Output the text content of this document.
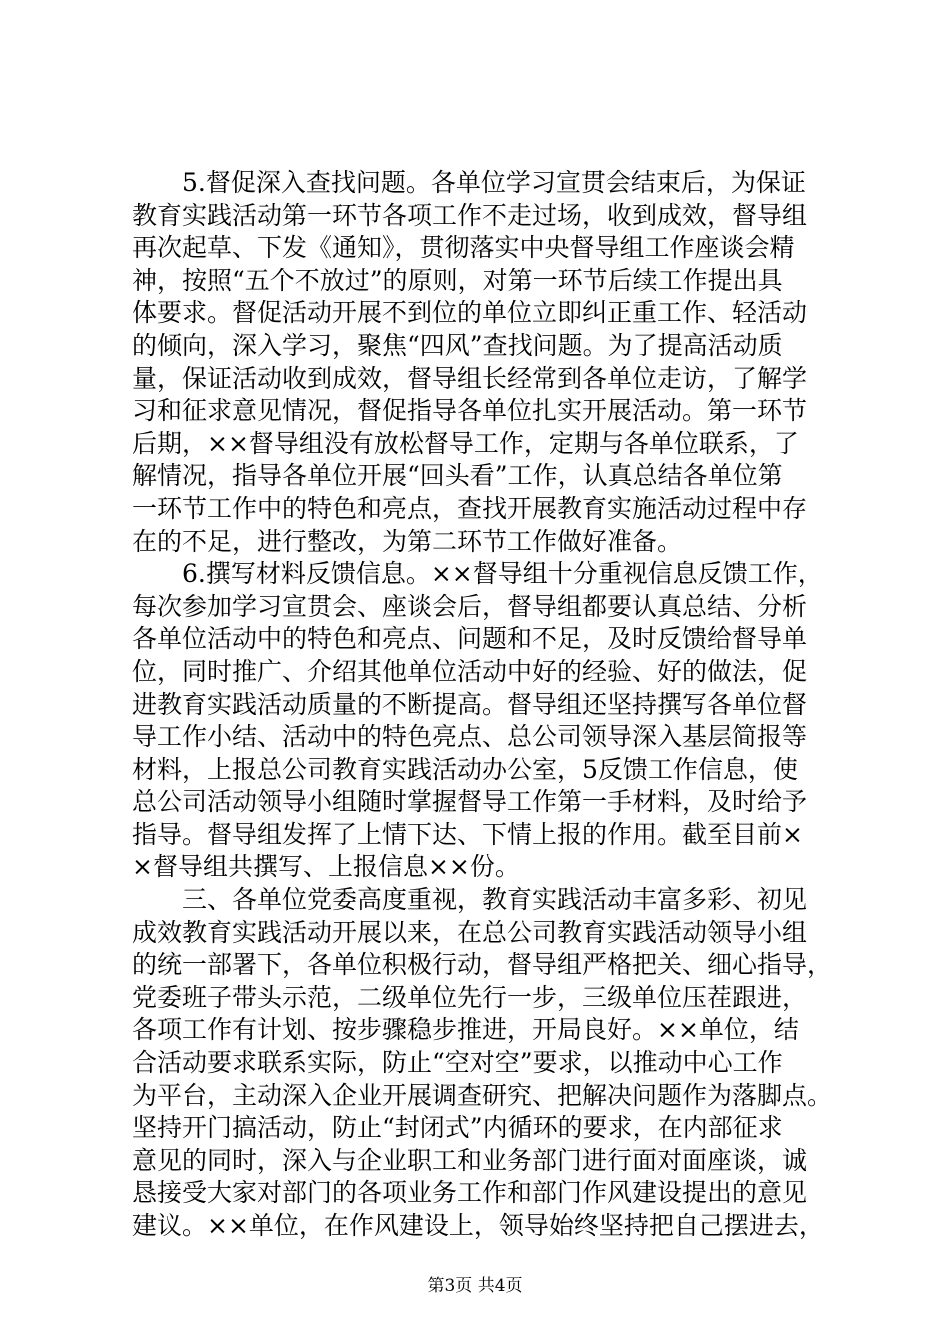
5.督促深入查找问题。各单位学习宣贯会结束后，为保证
教育实践活动第一环节各项工作不走过场，收到成效，督导组
再次起草、下发《通知》，贯彻落实中央督导组工作座谈会精
神，按照“五个不放过”的原则，对第一环节后续工作提出具
体要求。督促活动开展不到位的单位立即纠正重工作、轻活动
的倾向，深入学习，聚焦“四风”查找问题。为了提高活动质
量，保证活动收到成效，督导组长经常到各单位走访，了解学
习和征求意见情况，督促指导各单位扎实开展活动。第一环节
后期，××督导组没有放松督导工作，定期与各单位联系，了
解情况，指导各单位开展“回头看”工作，认真总结各单位第
一环节工作中的特色和亮点，查找开展教育实施活动过程中存
在的不足，进行整改，为第二环节工作做好准备。
6.撰写材料反馈信息。××督导组十分重视信息反馈工作，
每次参加学习宣贯会、座谈会后，督导组都要认真总结、分析
各单位活动中的特色和亮点、问题和不足，及时反馈给督导单
位，同时推广、介绍其他单位活动中好的经验、好的做法，促
进教育实践活动质量的不断提高。督导组还坚持撰写各单位督
导工作小结、活动中的特色亮点、总公司领导深入基层简报等
材料，上报总公司教育实践活动办公室，5反馈工作信息，使
总公司活动领导小组随时掌握督导工作第一手材料，及时给予
指导。督导组发挥了上情下达、下情上报的作用。截至目前×
×督导组共撰写、上报信息××份。
三、各单位党委高度重视，教育实践活动丰富多彩、初见
成效教育实践活动开展以来，在总公司教育实践活动领导小组
的统一部署下，各单位积极行动，督导组严格把关、细心指导，
党委班子带头示范，二级单位先行一步，三级单位压茬跟进，
各项工作有计划、按步骤稳步推进，开局良好。××单位，结
合活动要求联系实际，防止“空对空”要求，以推动中心工作
为平台，主动深入企业开展调查研究、把解决问题作为落脚点。
坚持开门搞活动，防止“封闭式”内循环的要求，在内部征求
意见的同时，深入与企业职工和业务部门进行面对面座谈，诚
恳接受大家对部门的各项业务工作和部门作风建设提出的意见
建议。××单位，在作风建设上，领导始终坚持把自己摆进去，
第3页 共4页
